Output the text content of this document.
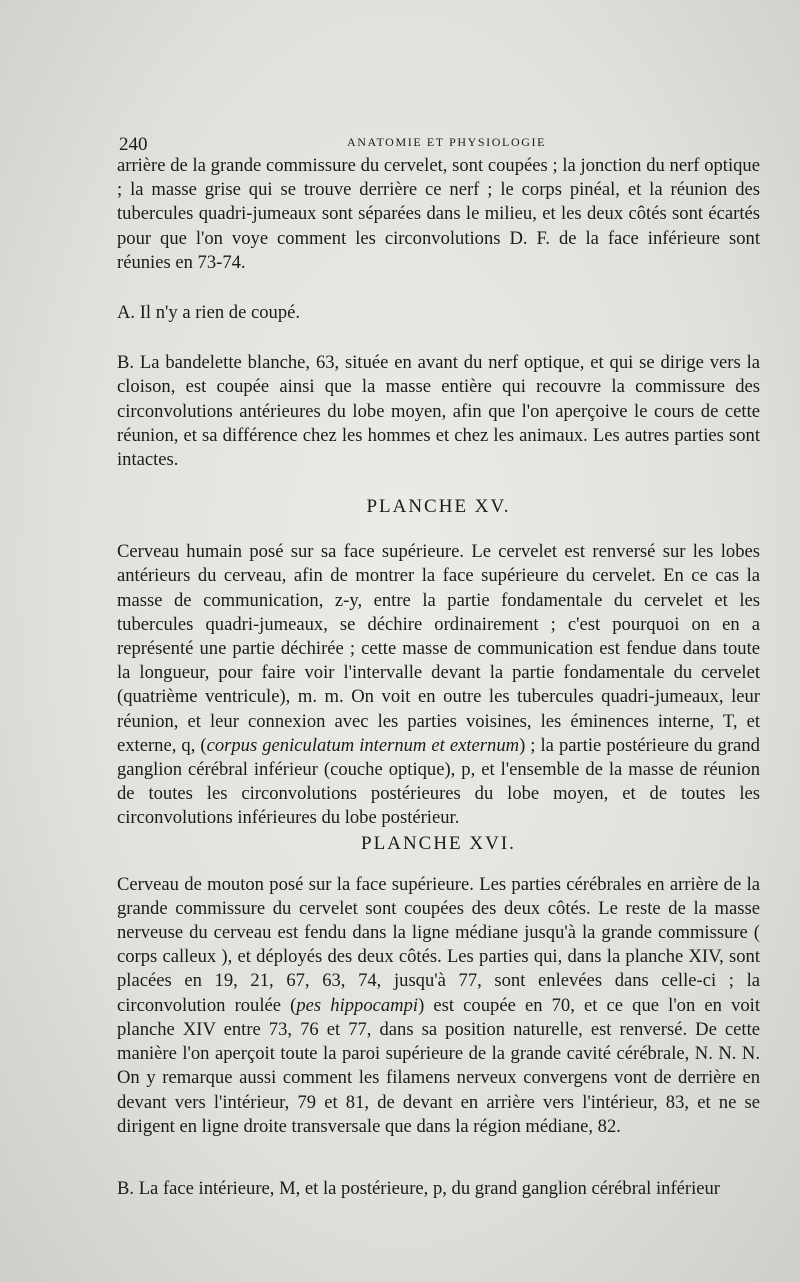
240	ANATOMIE ET PHYSIOLOGIE

arrière de la grande commissure du cervelet, sont coupées ; la jonction du nerf optique ; la masse grise qui se trouve derrière ce nerf ; le corps pinéal, et la réunion des tubercules quadri-jumeaux sont séparées dans le milieu, et les deux côtés sont écartés pour que l'on voye comment les circonvolutions D. F. de la face inférieure sont réunies en 73-74.

A. Il n'y a rien de coupé.

B. La bandelette blanche, 63, située en avant du nerf optique, et qui se dirige vers la cloison, est coupée ainsi que la masse entière qui recouvre la commissure des circonvolutions antérieures du lobe moyen, afin que l'on aperçoive le cours de cette réunion, et sa différence chez les hommes et chez les animaux. Les autres parties sont intactes.

PLANCHE XV.

Cerveau humain posé sur sa face supérieure. Le cervelet est renversé sur les lobes antérieurs du cerveau, afin de montrer la face supérieure du cervelet. En ce cas la masse de communication, z-y, entre la partie fondamentale du cervelet et les tubercules quadri-jumeaux, se déchire ordinairement ; c'est pourquoi on en a représenté une partie déchirée ; cette masse de communication est fendue dans toute la longueur, pour faire voir l'intervalle devant la partie fondamentale du cervelet (quatrième ventricule), m. m. On voit en outre les tubercules quadri-jumeaux, leur réunion, et leur connexion avec les parties voisines, les éminences interne, T, et externe, q, (corpus geniculatum internum et externum) ; la partie postérieure du grand ganglion cérébral inférieur (couche optique), p, et l'ensemble de la masse de réunion de toutes les circonvolutions postérieures du lobe moyen, et de toutes les circonvolutions inférieures du lobe postérieur.

PLANCHE XVI.

Cerveau de mouton posé sur la face supérieure. Les parties cérébrales en arrière de la grande commissure du cervelet sont coupées des deux côtés. Le reste de la masse nerveuse du cerveau est fendu dans la ligne médiane jusqu'à la grande commissure ( corps calleux ), et déployés des deux côtés. Les parties qui, dans la planche XIV, sont placées en 19, 21, 67, 63, 74, jusqu'à 77, sont enlevées dans celle-ci ; la circonvolution roulée (pes hippocampi) est coupée en 70, et ce que l'on en voit planche XIV entre 73, 76 et 77, dans sa position naturelle, est renversé. De cette manière l'on aperçoit toute la paroi supérieure de la grande cavité cérébrale, N. N. N. On y remarque aussi comment les filamens nerveux convergens vont de derrière en devant vers l'intérieur, 79 et 81, de devant en arrière vers l'intérieur, 83, et ne se dirigent en ligne droite transversale que dans la région médiane, 82.

B. La face intérieure, M, et la postérieure, p, du grand ganglion cérébral inférieur
